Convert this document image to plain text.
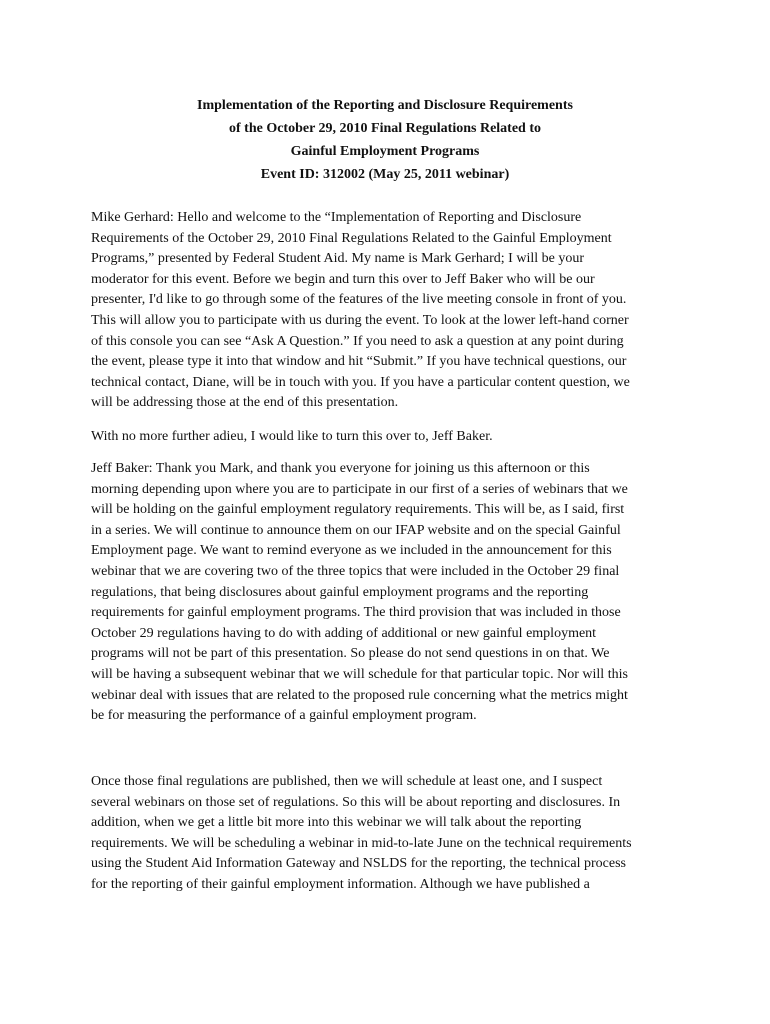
Implementation of the Reporting and Disclosure Requirements
of the October 29, 2010 Final Regulations Related to
Gainful Employment Programs
Event ID: 312002 (May 25, 2011 webinar)
Mike Gerhard: Hello and welcome to the “Implementation of Reporting and Disclosure
Requirements of the October 29, 2010 Final Regulations Related to the Gainful Employment
Programs,” presented by Federal Student Aid. My name is Mark Gerhard; I will be your
moderator for this event. Before we begin and turn this over to Jeff Baker who will be our
presenter, I'd like to go through some of the features of the live meeting console in front of you.
This will allow you to participate with us during the event. To look at the lower left-hand corner
of this console you can see “Ask A Question.” If you need to ask a question at any point during
the event, please type it into that window and hit “Submit.” If you have technical questions, our
technical contact, Diane, will be in touch with you. If you have a particular content question, we
will be addressing those at the end of this presentation.
With no more further adieu, I would like to turn this over to, Jeff Baker.
Jeff Baker: Thank you Mark, and thank you everyone for joining us this afternoon or this
morning depending upon where you are to participate in our first of a series of webinars that we
will be holding on the gainful employment regulatory requirements. This will be, as I said, first
in a series. We will continue to announce them on our IFAP website and on the special Gainful
Employment page. We want to remind everyone as we included in the announcement for this
webinar that we are covering two of the three topics that were included in the October 29 final
regulations, that being disclosures about gainful employment programs and the reporting
requirements for gainful employment programs. The third provision that was included in those
October 29 regulations having to do with adding of additional or new gainful employment
programs will not be part of this presentation. So please do not send questions in on that. We
will be having a subsequent webinar that we will schedule for that particular topic. Nor will this
webinar deal with issues that are related to the proposed rule concerning what the metrics might
be for measuring the performance of a gainful employment program.
Once those final regulations are published, then we will schedule at least one, and I suspect
several webinars on those set of regulations. So this will be about reporting and disclosures. In
addition, when we get a little bit more into this webinar we will talk about the reporting
requirements. We will be scheduling a webinar in mid-to-late June on the technical requirements
using the Student Aid Information Gateway and NSLDS for the reporting, the technical process
for the reporting of their gainful employment information. Although we have published a
